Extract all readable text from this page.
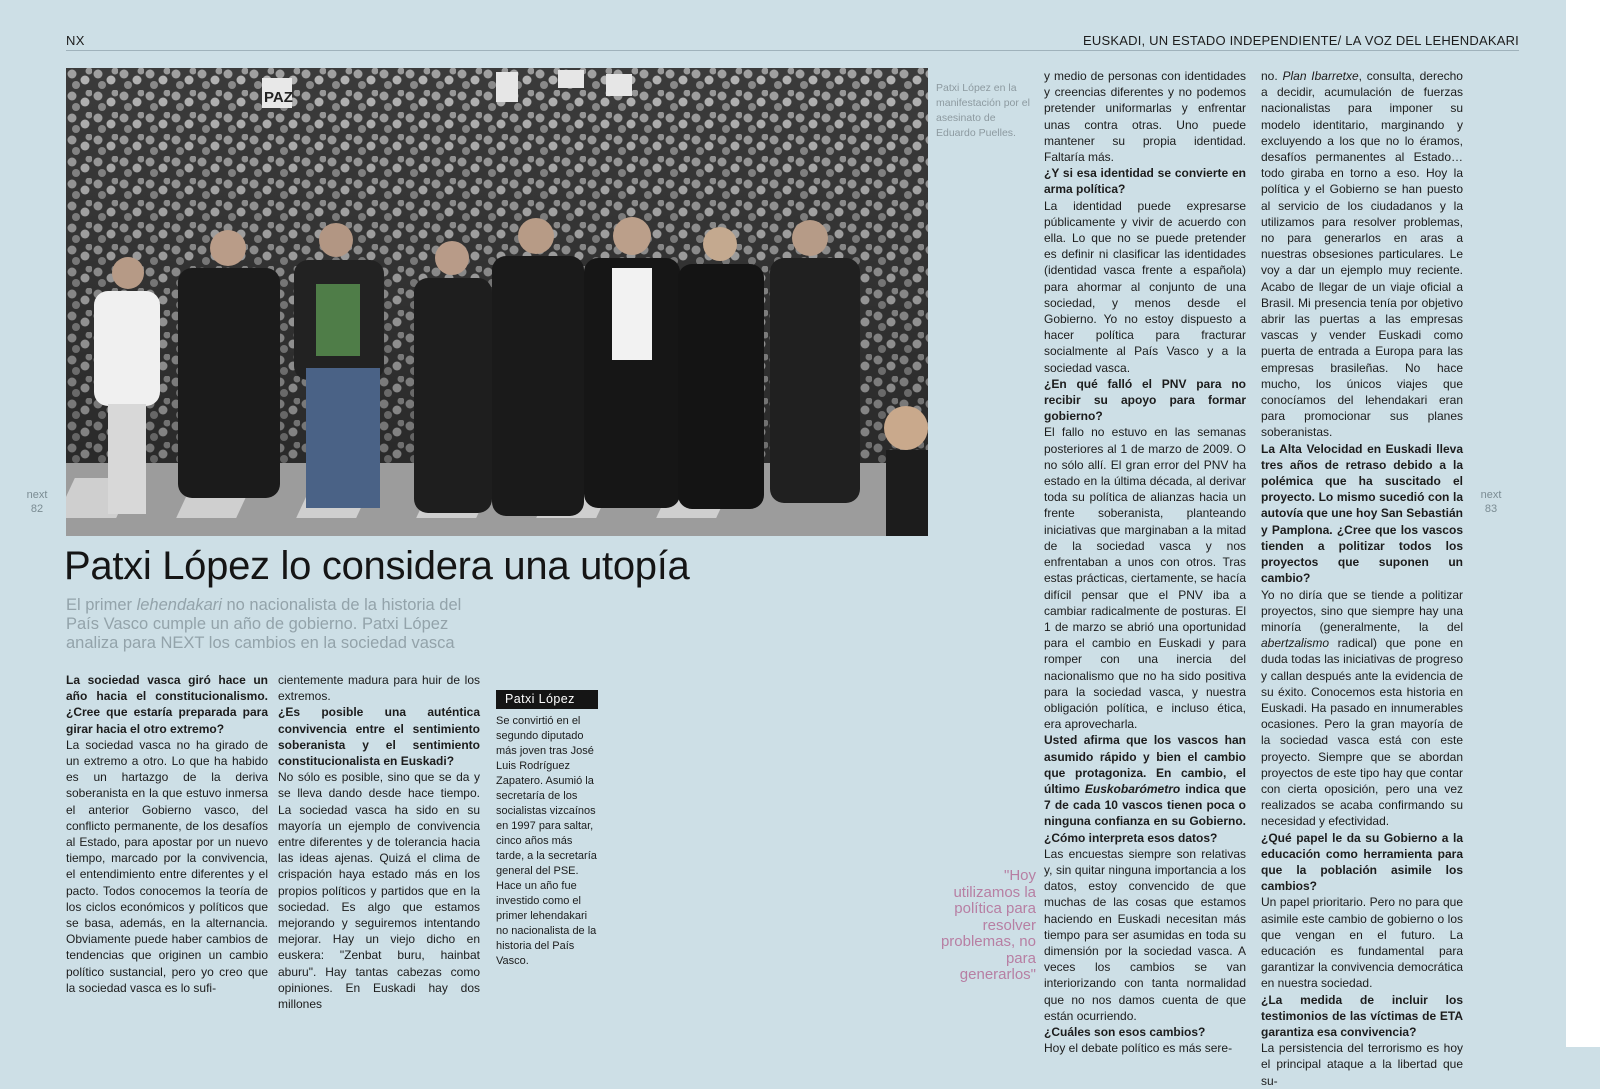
NX	EUSKADI, UN ESTADO INDEPENDIENTE/ LA VOZ DEL LEHENDAKARI
next
82
next
83
PAZ

Patxi López en la manifestación por el asesinato de Eduardo Puelles.

Patxi López lo considera una utopía

El primer lehendakari no nacionalista de la historia del País Vasco cumple un año de gobierno. Patxi López analiza para NEXT los cambios en la sociedad vasca

La sociedad vasca giró hace un año hacia el constitucionalismo. ¿Cree que estaría preparada para girar hacia el otro extremo?

La sociedad vasca no ha girado de un extremo a otro. Lo que ha habido es un hartazgo de la deriva soberanista en la que estuvo inmersa el anterior Gobierno vasco, del conflicto permanente, de los desafíos al Estado, para apostar por un nuevo tiempo, marcado por la convivencia, el entendimiento entre diferentes y el pacto. Todos conocemos la teoría de los ciclos económicos y políticos que se basa, además, en la alternancia. Obviamente puede haber cambios de tendencias que originen un cambio político sustancial, pero yo creo que la sociedad vasca es lo sufi-

cientemente madura para huir de los extremos.

¿Es posible una auténtica convivencia entre el sentimiento soberanista y el sentimiento constitucionalista en Euskadi?

No sólo es posible, sino que se da y se lleva dando desde hace tiempo. La sociedad vasca ha sido en su mayoría un ejemplo de convivencia entre diferentes y de tolerancia hacia las ideas ajenas. Quizá el clima de crispación haya estado más en los propios políticos y partidos que en la sociedad. Es algo que estamos mejorando y seguiremos intentando mejorar. Hay un viejo dicho en euskera: "Zenbat buru, hainbat aburu". Hay tantas cabezas como opiniones. En Euskadi hay dos millones

Patxi López

Se convirtió en el segundo diputado más joven tras José Luis Rodríguez Zapatero. Asumió la secretaría de los socialistas vizcaínos en 1997 para saltar, cinco años más tarde, a la secretaría general del PSE. Hace un año fue investido como el primer lehendakari no nacionalista de la historia del País Vasco.

"Hoy utilizamos la política para resolver problemas, no para generarlos"

y medio de personas con identidades y creencias diferentes y no podemos pretender uniformarlas y enfrentar unas contra otras. Uno puede mantener su propia identidad. Faltaría más.

¿Y si esa identidad se convierte en arma política?

La identidad puede expresarse públicamente y vivir de acuerdo con ella. Lo que no se puede pretender es definir ni clasificar las identidades (identidad vasca frente a española) para ahormar al conjunto de una sociedad, y menos desde el Gobierno. Yo no estoy dispuesto a hacer política para fracturar socialmente al País Vasco y a la sociedad vasca.

¿En qué falló el PNV para no recibir su apoyo para formar gobierno?

El fallo no estuvo en las semanas posteriores al 1 de marzo de 2009. O no sólo allí. El gran error del PNV ha estado en la última década, al derivar toda su política de alianzas hacia un frente soberanista, planteando iniciativas que marginaban a la mitad de la sociedad vasca y nos enfrentaban a unos con otros. Tras estas prácticas, ciertamente, se hacía difícil pensar que el PNV iba a cambiar radicalmente de posturas. El 1 de marzo se abrió una oportunidad para el cambio en Euskadi y para romper con una inercia del nacionalismo que no ha sido positiva para la sociedad vasca, y nuestra obligación política, e incluso ética, era aprovecharla.

Usted afirma que los vascos han asumido rápido y bien el cambio que protagoniza. En cambio, el último Euskobarómetro indica que 7 de cada 10 vascos tienen poca o ninguna confianza en su Gobierno. ¿Cómo interpreta esos datos?

Las encuestas siempre son relativas y, sin quitar ninguna importancia a los datos, estoy convencido de que muchas de las cosas que estamos haciendo en Euskadi necesitan más tiempo para ser asumidas en toda su dimensión por la sociedad vasca. A veces los cambios se van interiorizando con tanta normalidad que no nos damos cuenta de que están ocurriendo.

¿Cuáles son esos cambios?

Hoy el debate político es más sere-

no. Plan Ibarretxe, consulta, derecho a decidir, acumulación de fuerzas nacionalistas para imponer su modelo identitario, marginando y excluyendo a los que no lo éramos, desafíos permanentes al Estado… todo giraba en torno a eso. Hoy la política y el Gobierno se han puesto al servicio de los ciudadanos y la utilizamos para resolver problemas, no para generarlos en aras a nuestras obsesiones particulares. Le voy a dar un ejemplo muy reciente. Acabo de llegar de un viaje oficial a Brasil. Mi presencia tenía por objetivo abrir las puertas a las empresas vascas y vender Euskadi como puerta de entrada a Europa para las empresas brasileñas. No hace mucho, los únicos viajes que conocíamos del lehendakari eran para promocionar sus planes soberanistas.

La Alta Velocidad en Euskadi lleva tres años de retraso debido a la polémica que ha suscitado el proyecto. Lo mismo sucedió con la autovía que une hoy San Sebastián y Pamplona. ¿Cree que los vascos tienden a politizar todos los proyectos que suponen un cambio?

Yo no diría que se tiende a politizar proyectos, sino que siempre hay una minoría (generalmente, la del abertzalismo radical) que pone en duda todas las iniciativas de progreso y callan después ante la evidencia de su éxito. Conocemos esta historia en Euskadi. Ha pasado en innumerables ocasiones. Pero la gran mayoría de la sociedad vasca está con este proyecto. Siempre que se abordan proyectos de este tipo hay que contar con cierta oposición, pero una vez realizados se acaba confirmando su necesidad y efectividad.

¿Qué papel le da su Gobierno a la educación como herramienta para que la población asimile los cambios?

Un papel prioritario. Pero no para que asimile este cambio de gobierno o los que vengan en el futuro. La educación es fundamental para garantizar la convivencia democrática en nuestra sociedad.

¿La medida de incluir los testimonios de las víctimas de ETA garantiza esa convivencia?

La persistencia del terrorismo es hoy el principal ataque a la libertad que su-
